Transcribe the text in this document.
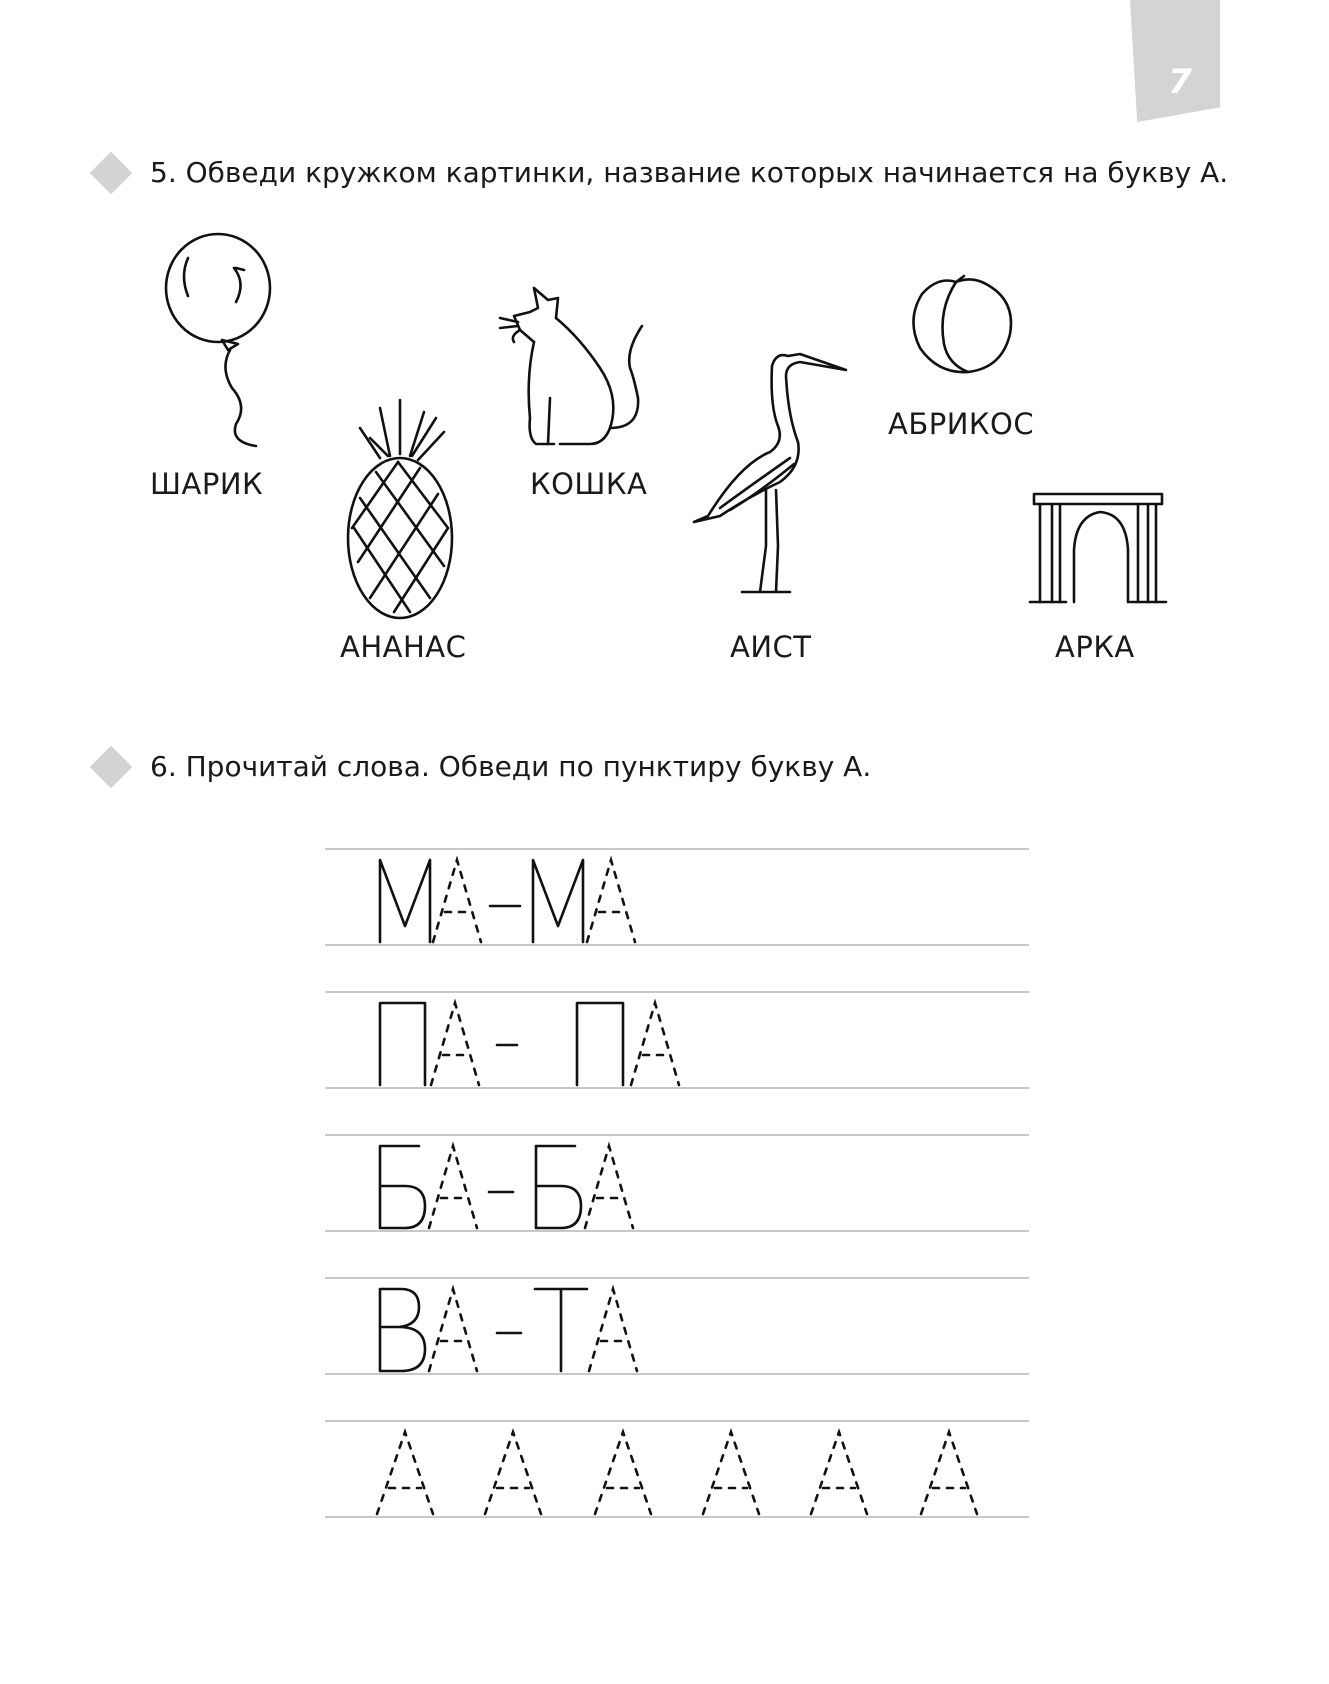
7
5. Обведи кружком картинки, название которых начинается на букву А.
ШАРИК
АНАНАС
КОШКА
АИСТ
АБРИКОС
АРКА
6. Прочитай слова. Обведи по пунктиру букву А.
